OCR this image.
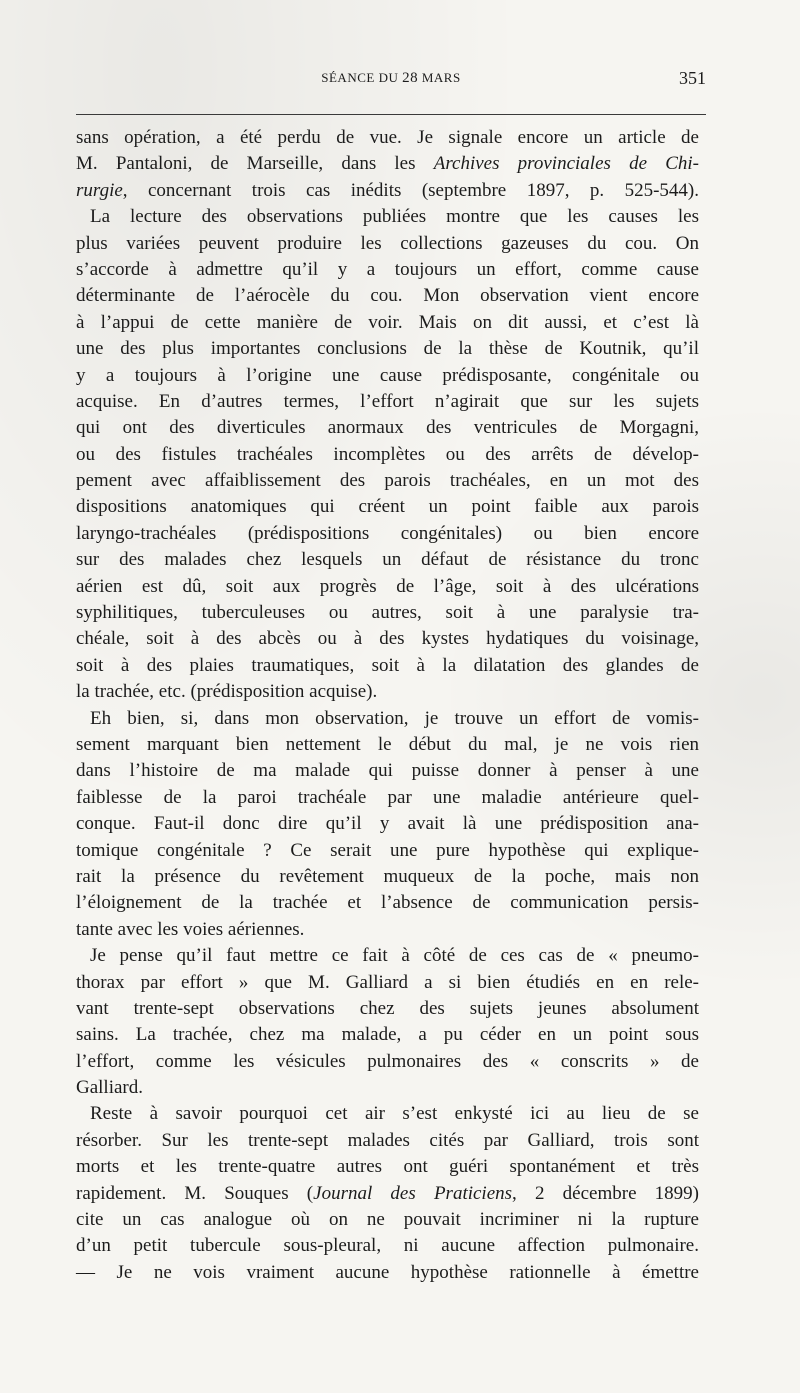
SÉANCE DU 28 MARS	351
sans opération, a été perdu de vue. Je signale encore un article de
M. Pantaloni, de Marseille, dans les Archives provinciales de Chi-
rurgie, concernant trois cas inédits (septembre 1897, p. 525-544).
La lecture des observations publiées montre que les causes les
plus variées peuvent produire les collections gazeuses du cou. On
s’accorde à admettre qu’il y a toujours un effort, comme cause
déterminante de l’aérocèle du cou. Mon observation vient encore
à l’appui de cette manière de voir. Mais on dit aussi, et c’est là
une des plus importantes conclusions de la thèse de Koutnik, qu’il
y a toujours à l’origine une cause prédisposante, congénitale ou
acquise. En d’autres termes, l’effort n’agirait que sur les sujets
qui ont des diverticules anormaux des ventricules de Morgagni,
ou des fistules trachéales incomplètes ou des arrêts de dévelop-
pement avec affaiblissement des parois trachéales, en un mot des
dispositions anatomiques qui créent un point faible aux parois
laryngo-trachéales (prédispositions congénitales) ou bien encore
sur des malades chez lesquels un défaut de résistance du tronc
aérien est dû, soit aux progrès de l’âge, soit à des ulcérations
syphilitiques, tuberculeuses ou autres, soit à une paralysie tra-
chéale, soit à des abcès ou à des kystes hydatiques du voisinage,
soit à des plaies traumatiques, soit à la dilatation des glandes de
la trachée, etc. (prédisposition acquise).
Eh bien, si, dans mon observation, je trouve un effort de vomis-
sement marquant bien nettement le début du mal, je ne vois rien
dans l’histoire de ma malade qui puisse donner à penser à une
faiblesse de la paroi trachéale par une maladie antérieure quel-
conque. Faut-il donc dire qu’il y avait là une prédisposition ana-
tomique congénitale ? Ce serait une pure hypothèse qui explique-
rait la présence du revêtement muqueux de la poche, mais non
l’éloignement de la trachée et l’absence de communication persis-
tante avec les voies aériennes.
Je pense qu’il faut mettre ce fait à côté de ces cas de « pneumo-
thorax par effort » que M. Galliard a si bien étudiés en en rele-
vant trente-sept observations chez des sujets jeunes absolument
sains. La trachée, chez ma malade, a pu céder en un point sous
l’effort, comme les vésicules pulmonaires des « conscrits » de
Galliard.
Reste à savoir pourquoi cet air s’est enkysté ici au lieu de se
résorber. Sur les trente-sept malades cités par Galliard, trois sont
morts et les trente-quatre autres ont guéri spontanément et très
rapidement. M. Souques (Journal des Praticiens, 2 décembre 1899)
cite un cas analogue où on ne pouvait incriminer ni la rupture
d’un petit tubercule sous-pleural, ni aucune affection pulmonaire.
— Je ne vois vraiment aucune hypothèse rationnelle à émettre
